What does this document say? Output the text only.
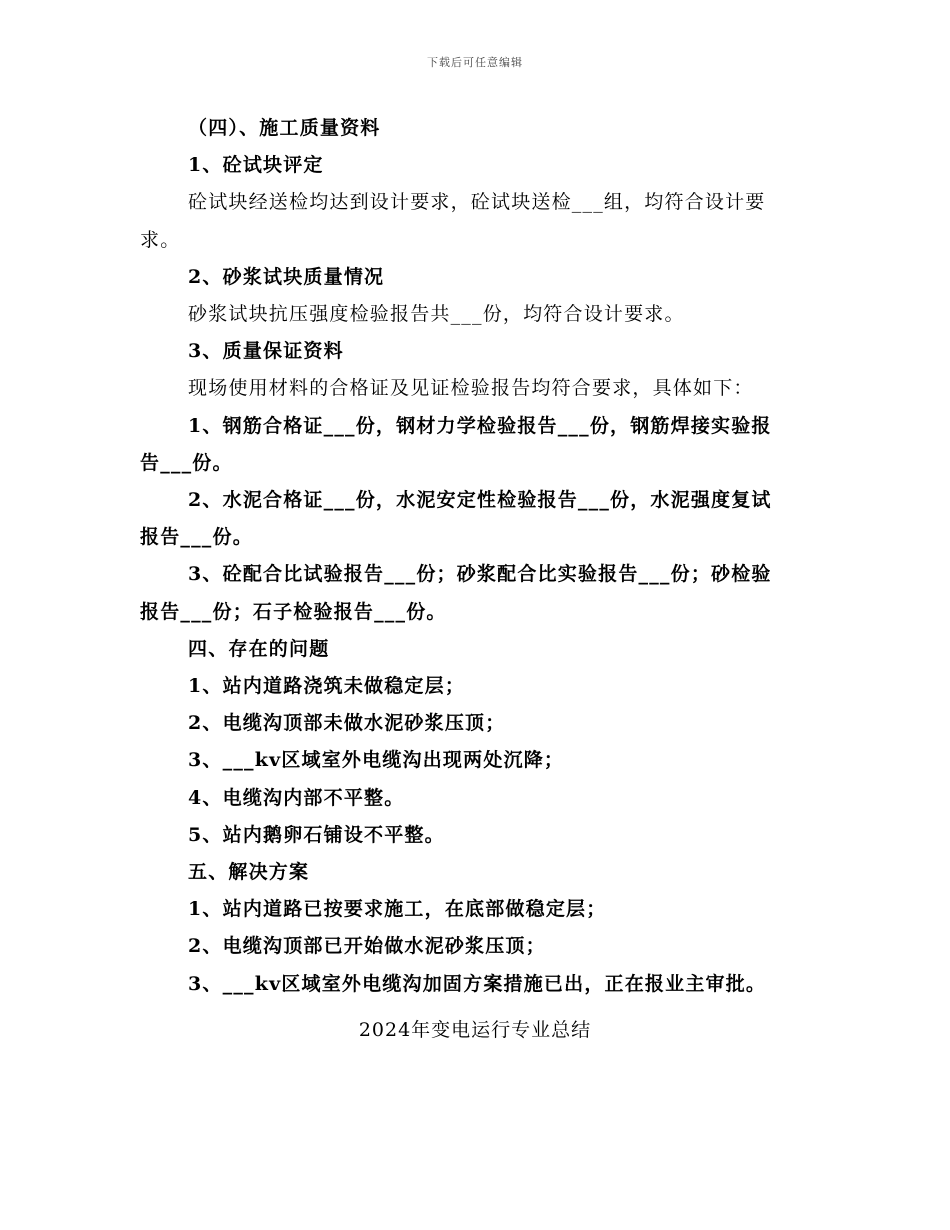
下载后可任意编辑

（四）、施工质量资料

1、砼试块评定

砼试块经送检均达到设计要求，砼试块送检___组，均符合设计要

求。

2、砂浆试块质量情况

砂浆试块抗压强度检验报告共___份，均符合设计要求。

3、质量保证资料

现场使用材料的合格证及见证检验报告均符合要求，具体如下：

1、钢筋合格证___份，钢材力学检验报告___份，钢筋焊接实验报

告___份。

2、水泥合格证___份，水泥安定性检验报告___份，水泥强度复试

报告___份。

3、砼配合比试验报告___份；砂浆配合比实验报告___份；砂检验

报告___份；石子检验报告___份。

四、存在的问题

1、站内道路浇筑未做稳定层；

2、电缆沟顶部未做水泥砂浆压顶；

3、___kv区域室外电缆沟出现两处沉降；

4、电缆沟内部不平整。

5、站内鹅卵石铺设不平整。

五、解决方案

1、站内道路已按要求施工，在底部做稳定层；

2、电缆沟顶部已开始做水泥砂浆压顶；

3、___kv区域室外电缆沟加固方案措施已出，正在报业主审批。

2024年变电运行专业总结
